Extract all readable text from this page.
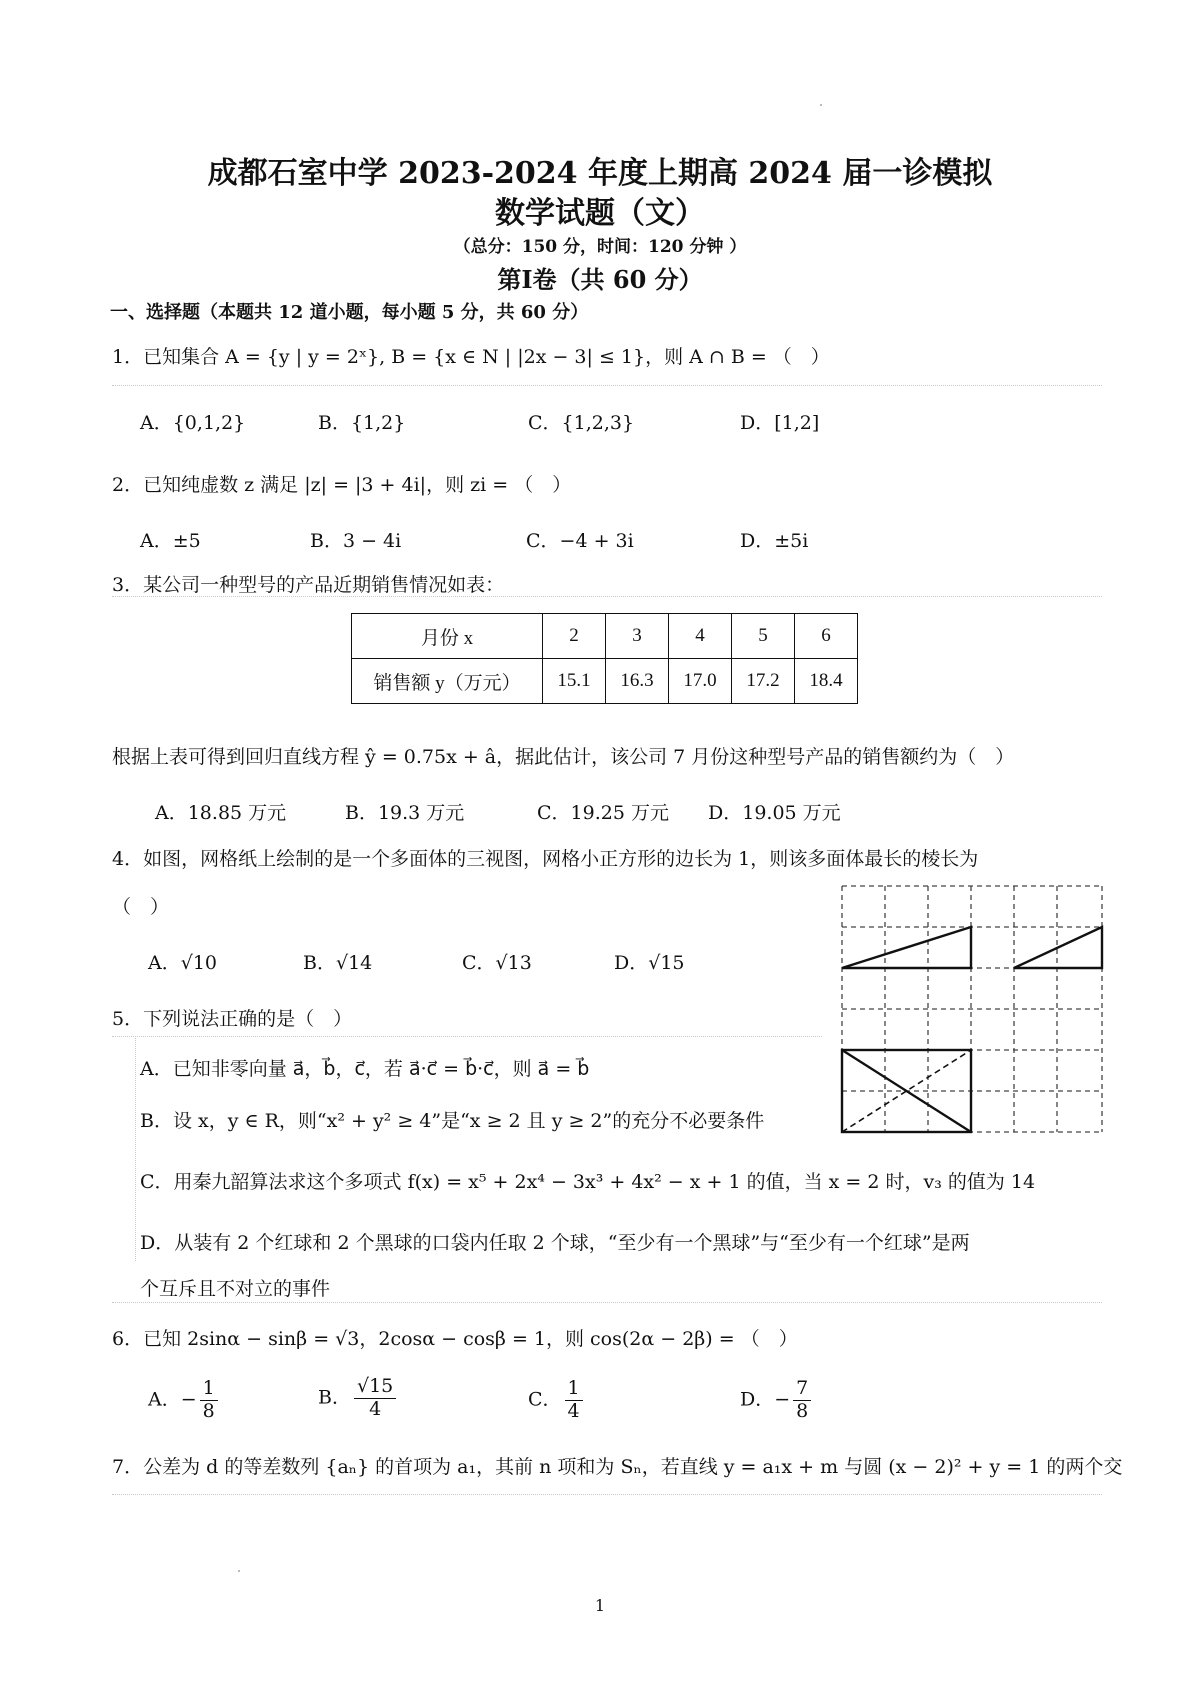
成都石室中学 2023-2024 年度上期高 2024 届一诊模拟
数学试题（文）
（总分：150 分，时间：120 分钟 ）
第Ⅰ卷（共 60 分）
一、选择题（本题共 12 道小题，每小题 5 分，共 60 分）
1．已知集合 A = {y | y = 2ˣ}, B = {x ∈ N | |2x − 3| ≤ 1}，则 A ∩ B = （　）
A．{0,1,2}	B．{1,2}	C．{1,2,3}	D．[1,2]
2．已知纯虚数 z 满足 |z| = |3 + 4i|，则 zi = （　）
A．±5	B．3 − 4i	C．−4 + 3i	D．±5i
3．某公司一种型号的产品近期销售情况如表：
月份 x	2	3	4	5	6
销售额 y（万元）	15.1	16.3	17.0	17.2	18.4
根据上表可得到回归直线方程 ŷ = 0.75x + â，据此估计，该公司 7 月份这种型号产品的销售额约为（　）
A．18.85 万元	B．19.3 万元	C．19.25 万元 D．19.05 万元
4．如图，网格纸上绘制的是一个多面体的三视图，网格小正方形的边长为 1，则该多面体最长的棱长为
（　）
A．√10	B．√14	C．√13	D．√15
5．下列说法正确的是（　）
A．已知非零向量 a⃗，b⃗，c⃗，若 a⃗·c⃗ = b⃗·c⃗，则 a⃗ = b⃗
B．设 x，y ∈ R，则“x² + y² ≥ 4”是“x ≥ 2 且 y ≥ 2”的充分不必要条件
C．用秦九韶算法求这个多项式 f(x) = x⁵ + 2x⁴ − 3x³ + 4x² − x + 1 的值，当 x = 2 时，v₃ 的值为 14
D．从装有 2 个红球和 2 个黑球的口袋内任取 2 个球，“至少有一个黑球”与“至少有一个红球”是两
个互斥且不对立的事件
6．已知 2sinα − sinβ = √3，2cosα − cosβ = 1，则 cos(2α − 2β) = （　）
A．− $\frac{1}{8}$	B． $\frac{√15}{4}$	C． $\frac{1}{4}$	D．− $\frac{7}{8}$
7．公差为 d 的等差数列 {aₙ} 的首项为 a₁，其前 n 项和为 Sₙ，若直线 y = a₁x + m 与圆 (x − 2)² + y = 1 的两个交
1
